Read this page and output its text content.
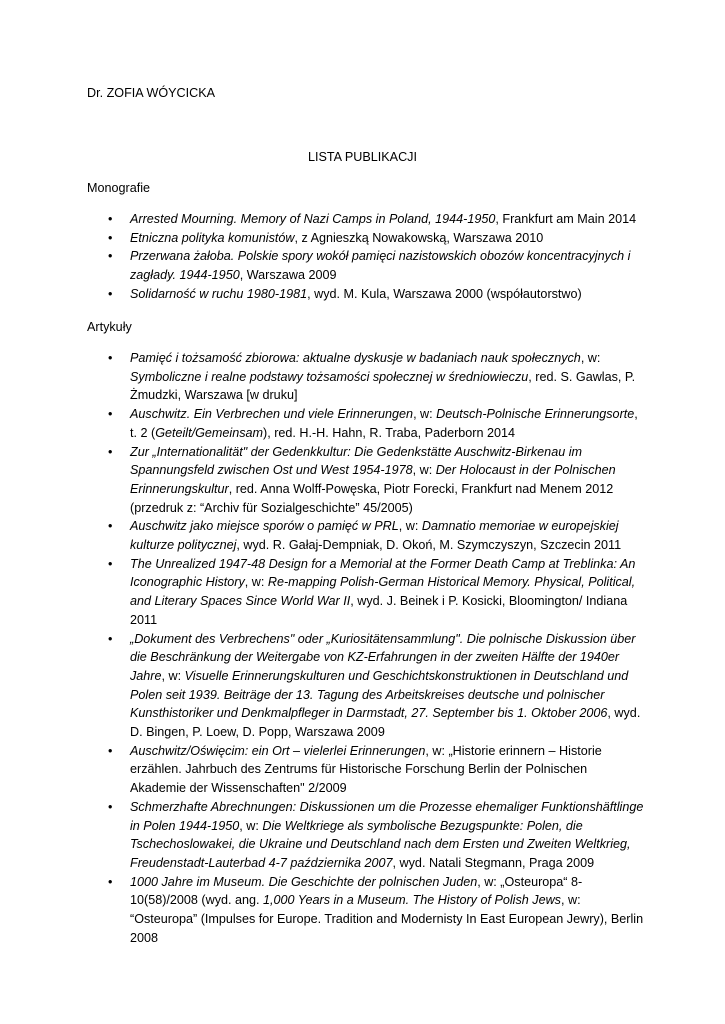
Dr. ZOFIA WÓYCICKA
LISTA PUBLIKACJI
Monografie
• Arrested Mourning. Memory of Nazi Camps in Poland, 1944-1950, Frankfurt am Main 2014
• Etniczna polityka komunistów, z Agnieszką Nowakowską, Warszawa 2010
• Przerwana żałoba. Polskie spory wokół pamięci nazistowskich obozów koncentracyjnych i zagłady. 1944-1950, Warszawa 2009
• Solidarność w ruchu 1980-1981, wyd. M. Kula, Warszawa 2000 (współautorstwo)
Artykuły
• Pamięć i tożsamość zbiorowa: aktualne dyskusje w badaniach nauk społecznych, w: Symboliczne i realne podstawy tożsamości społecznej w średniowieczu, red. S. Gawlas, P. Żmudzki, Warszawa [w druku]
• Auschwitz. Ein Verbrechen und viele Erinnerungen, w: Deutsch-Polnische Erinnerungsorte, t. 2 (Geteilt/Gemeinsam), red. H.-H. Hahn, R. Traba, Paderborn 2014
• Zur „Internationalität" der Gedenkkultur: Die Gedenkstätte Auschwitz-Birkenau im Spannungsfeld zwischen Ost und West 1954-1978, w: Der Holocaust in der Polnischen Erinnerungskultur, red. Anna Wolff-Powęska, Piotr Forecki, Frankfurt nad Menem 2012 (przedruk z: “Archiv für Sozialgeschichte” 45/2005)
• Auschwitz jako miejsce sporów o pamięć w PRL, w: Damnatio memoriae w europejskiej kulturze politycznej, wyd. R. Gałaj-Dempniak, D. Okoń, M. Szymczyszyn, Szczecin 2011
• The Unrealized 1947-48 Design for a Memorial at the Former Death Camp at Treblinka: An Iconographic History, w: Re-mapping Polish-German Historical Memory. Physical, Political, and Literary Spaces Since World War II, wyd. J. Beinek i P. Kosicki, Bloomington/ Indiana 2011
• „Dokument des Verbrechens" oder „Kuriositätensammlung". Die polnische Diskussion über die Beschränkung der Weitergabe von KZ-Erfahrungen in der zweiten Hälfte der 1940er Jahre, w: Visuelle Erinnerungskulturen und Geschichtskonstruktionen in Deutschland und Polen seit 1939. Beiträge der 13. Tagung des Arbeitskreises deutsche und polnischer Kunsthistoriker und Denkmalpfleger in Darmstadt, 27. September bis 1. Oktober 2006, wyd. D. Bingen, P. Loew, D. Popp, Warszawa 2009
• Auschwitz/Oświęcim: ein Ort – vielerlei Erinnerungen, w: „Historie erinnern – Historie erzählen. Jahrbuch des Zentrums für Historische Forschung Berlin der Polnischen Akademie der Wissenschaften" 2/2009
• Schmerzhafte Abrechnungen: Diskussionen um die Prozesse ehemaliger Funktionshäftlinge in Polen 1944-1950, w: Die Weltkriege als symbolische Bezugspunkte: Polen, die Tschechoslowakei, die Ukraine und Deutschland nach dem Ersten und Zweiten Weltkrieg, Freudenstadt-Lauterbad 4-7 października 2007, wyd. Natali Stegmann, Praga 2009
• 1000 Jahre im Museum. Die Geschichte der polnischen Juden, w: „Osteuropa“ 8-10(58)/2008 (wyd. ang. 1,000 Years in a Museum. The History of Polish Jews, w: “Osteuropa” (Impulses for Europe. Tradition and Modernisty In East European Jewry), Berlin 2008
